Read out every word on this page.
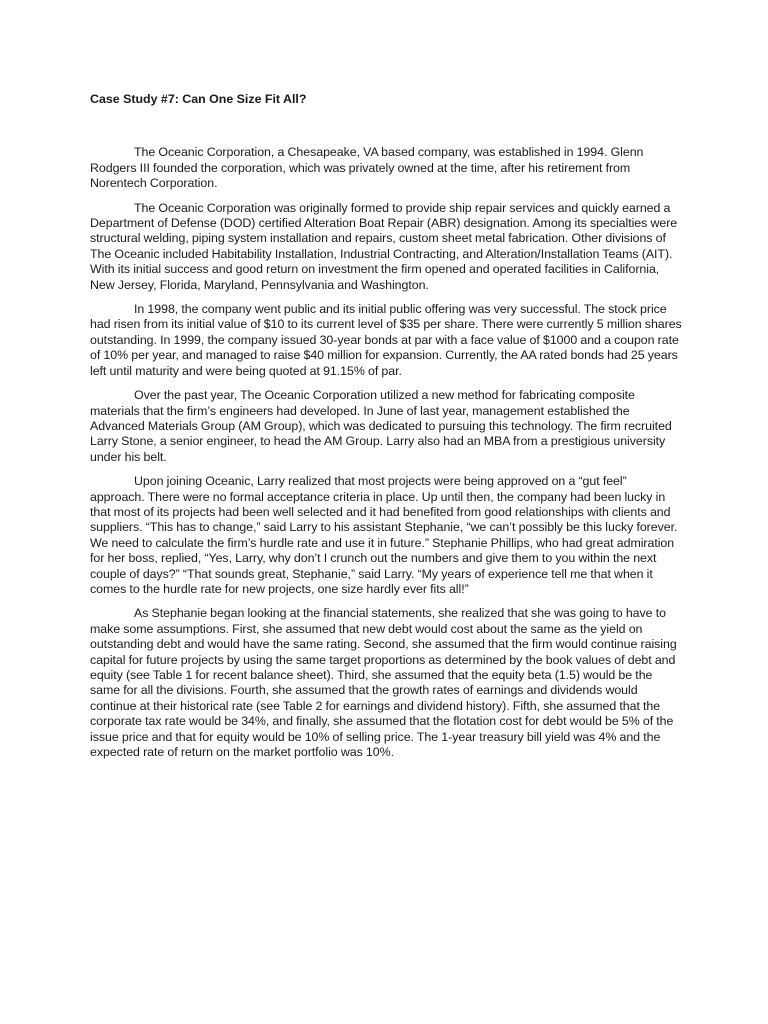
Case Study #7: Can One Size Fit All?

The Oceanic Corporation, a Chesapeake, VA based company, was established in 1994. Glenn Rodgers III founded the corporation, which was privately owned at the time, after his retirement from Norentech Corporation.

The Oceanic Corporation was originally formed to provide ship repair services and quickly earned a Department of Defense (DOD) certified Alteration Boat Repair (ABR) designation. Among its specialties were structural welding, piping system installation and repairs, custom sheet metal fabrication. Other divisions of The Oceanic included Habitability Installation, Industrial Contracting, and Alteration/Installation Teams (AIT). With its initial success and good return on investment the firm opened and operated facilities in California, New Jersey, Florida, Maryland, Pennsylvania and Washington.

In 1998, the company went public and its initial public offering was very successful. The stock price had risen from its initial value of $10 to its current level of $35 per share. There were currently 5 million shares outstanding. In 1999, the company issued 30-year bonds at par with a face value of $1000 and a coupon rate of 10% per year, and managed to raise $40 million for expansion. Currently, the AA rated bonds had 25 years left until maturity and were being quoted at 91.15% of par.

Over the past year, The Oceanic Corporation utilized a new method for fabricating composite materials that the firm’s engineers had developed. In June of last year, management established the Advanced Materials Group (AM Group), which was dedicated to pursuing this technology. The firm recruited Larry Stone, a senior engineer, to head the AM Group. Larry also had an MBA from a prestigious university under his belt.

Upon joining Oceanic, Larry realized that most projects were being approved on a “gut feel” approach. There were no formal acceptance criteria in place. Up until then, the company had been lucky in that most of its projects had been well selected and it had benefited from good relationships with clients and suppliers. “This has to change,” said Larry to his assistant Stephanie, “we can’t possibly be this lucky forever. We need to calculate the firm’s hurdle rate and use it in future.” Stephanie Phillips, who had great admiration for her boss, replied, “Yes, Larry, why don’t I crunch out the numbers and give them to you within the next couple of days?” “That sounds great, Stephanie,” said Larry. “My years of experience tell me that when it comes to the hurdle rate for new projects, one size hardly ever fits all!”

As Stephanie began looking at the financial statements, she realized that she was going to have to make some assumptions. First, she assumed that new debt would cost about the same as the yield on outstanding debt and would have the same rating. Second, she assumed that the firm would continue raising capital for future projects by using the same target proportions as determined by the book values of debt and equity (see Table 1 for recent balance sheet). Third, she assumed that the equity beta (1.5) would be the same for all the divisions. Fourth, she assumed that the growth rates of earnings and dividends would continue at their historical rate (see Table 2 for earnings and dividend history). Fifth, she assumed that the corporate tax rate would be 34%, and finally, she assumed that the flotation cost for debt would be 5% of the issue price and that for equity would be 10% of selling price. The 1-year treasury bill yield was 4% and the expected rate of return on the market portfolio was 10%.
